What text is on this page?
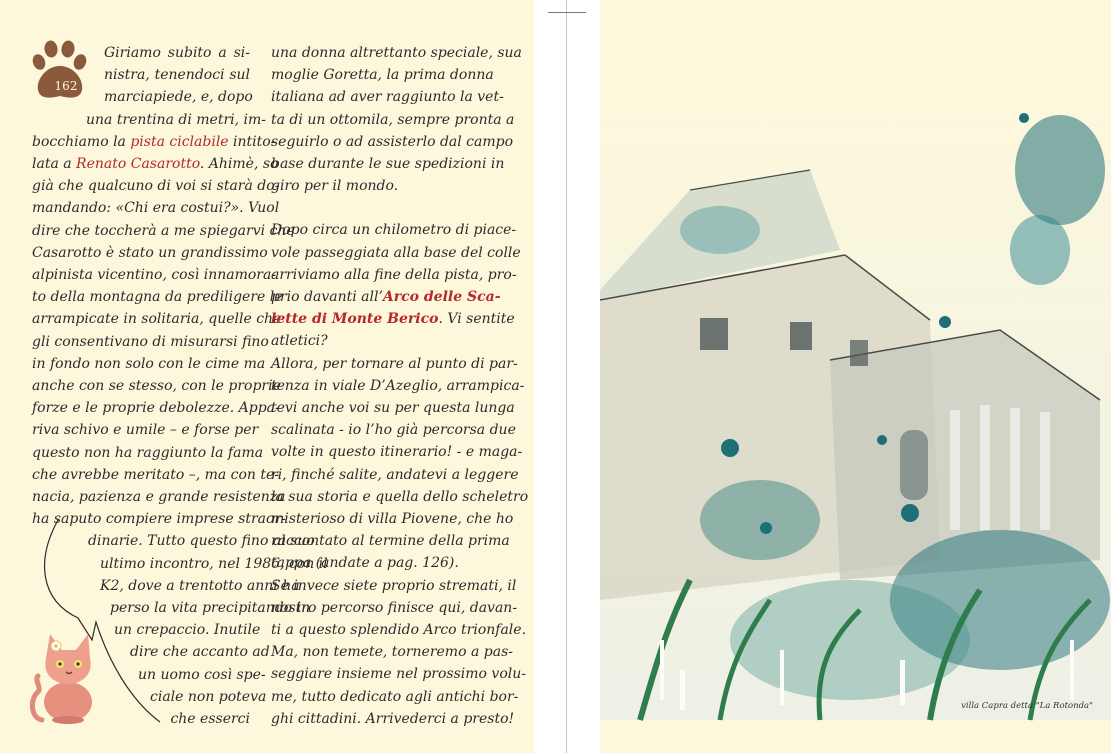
162
Giriamo subito a si-
nistra, tenendoci sul
marciapiede, e, dopo
una trentina di metri, im-
bocchiamo la pista ciclabile intito-
lata a Renato Casarotto. Ahimè, so
già che qualcuno di voi si starà do-
mandando: «Chi era costui?». Vuol
dire che toccherà a me spiegarvi che
Casarotto è stato un grandissimo
alpinista vicentino, così innamora-
to della montagna da prediligere le
arrampicate in solitaria, quelle che
gli consentivano di misurarsi fino
in fondo non solo con le cime ma
anche con se stesso, con le proprie
forze e le proprie debolezze. Appa-
riva schivo e umile – e forse per
questo non ha raggiunto la fama
che avrebbe meritato –, ma con te-
nacia, pazienza e grande resistenza
ha saputo compiere imprese straor-
dinarie. Tutto questo fino al suo
ultimo incontro, nel 1986, con il
K2, dove a trentotto anni ha
perso la vita precipitando in
un crepaccio. Inutile
dire che accanto ad
un uomo così spe-
ciale non poteva
che esserci
una donna altrettanto speciale, sua
moglie Goretta, la prima donna
italiana ad aver raggiunto la vet-
ta di un ottomila, sempre pronta a
seguirlo o ad assisterlo dal campo
base durante le sue spedizioni in
giro per il mondo.
Dopo circa un chilometro di piace-
vole passeggiata alla base del colle
arriviamo alla fine della pista, pro-
prio davanti all’Arco delle Sca-
lette di Monte Berico. Vi sentite
atletici?
Allora, per tornare al punto di par-
tenza in viale D’Azeglio, arrampica-
tevi anche voi su per questa lunga
scalinata - io l’ho già percorsa due
volte in questo itinerario! - e maga-
ri, finché salite, andatevi a leggere
la sua storia e quella dello scheletro
misterioso di villa Piovene, che ho
raccontato al termine della prima
tappa (andate a pag. 126).
Se invece siete proprio stremati, il
nostro percorso finisce qui, davan-
ti a questo splendido Arco trionfale.
Ma, non temete, torneremo a pas-
seggiare insieme nel prossimo volu-
me, tutto dedicato agli antichi bor-
ghi cittadini. Arrivederci a presto!
villa Capra detta "La Rotonda"
